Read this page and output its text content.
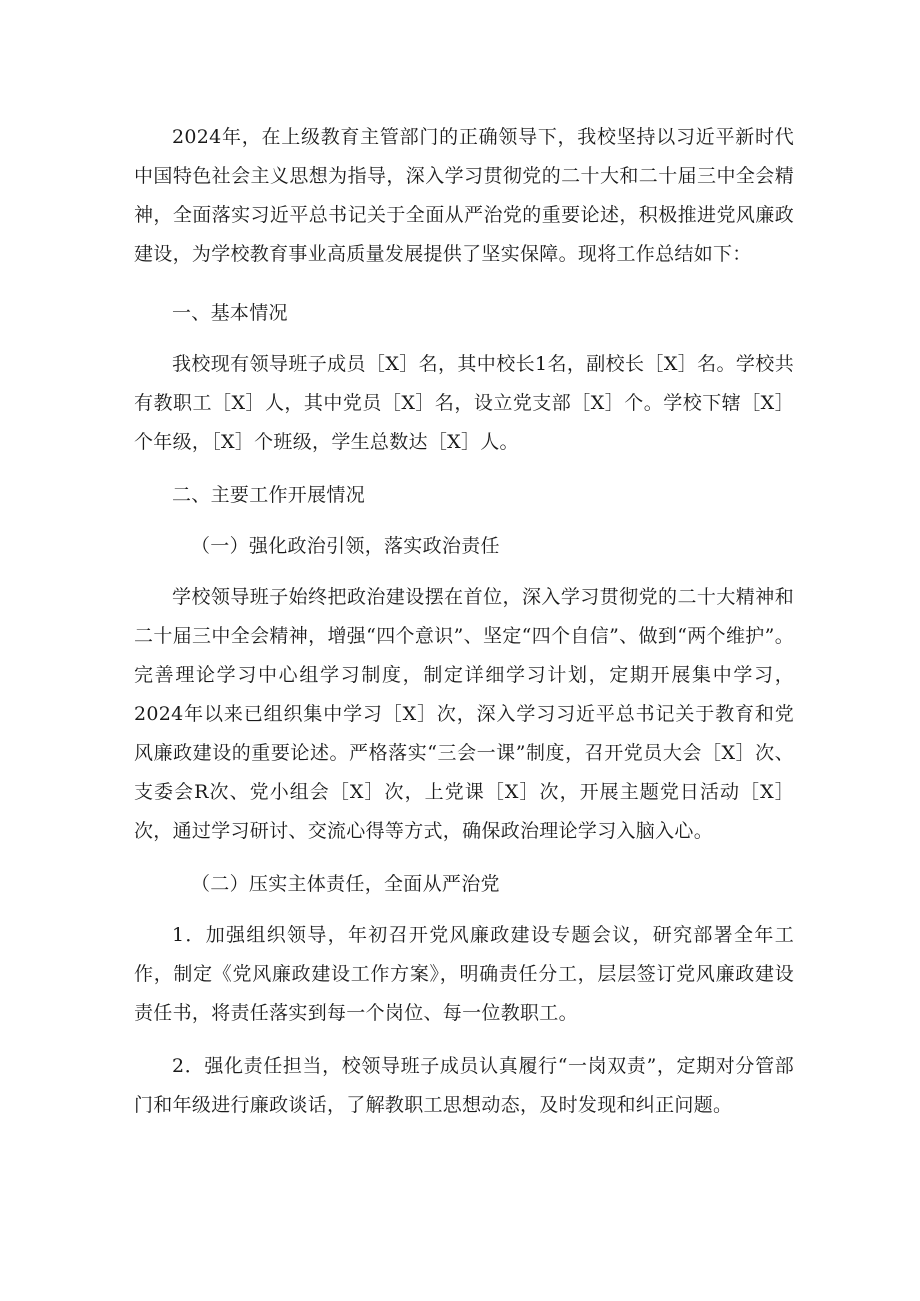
2024年，在上级教育主管部门的正确领导下，我校坚持以习近平新时代中国特色社会主义思想为指导，深入学习贯彻党的二十大和二十届三中全会精神，全面落实习近平总书记关于全面从严治党的重要论述，积极推进党风廉政建设，为学校教育事业高质量发展提供了坚实保障。现将工作总结如下：

一、基本情况

我校现有领导班子成员［X］名，其中校长1名，副校长［X］名。学校共有教职工［X］人，其中党员［X］名，设立党支部［X］个。学校下辖［X］个年级，［X］个班级，学生总数达［X］人。

二、主要工作开展情况

（一）强化政治引领，落实政治责任

学校领导班子始终把政治建设摆在首位，深入学习贯彻党的二十大精神和二十届三中全会精神，增强“四个意识”、坚定“四个自信”、做到“两个维护”。完善理论学习中心组学习制度，制定详细学习计划，定期开展集中学习，2024年以来已组织集中学习［X］次，深入学习习近平总书记关于教育和党风廉政建设的重要论述。严格落实“三会一课”制度，召开党员大会［X］次、支委会R次、党小组会［X］次，上党课［X］次，开展主题党日活动［X］次，通过学习研讨、交流心得等方式，确保政治理论学习入脑入心。

（二）压实主体责任，全面从严治党

1．加强组织领导，年初召开党风廉政建设专题会议，研究部署全年工作，制定《党风廉政建设工作方案》，明确责任分工，层层签订党风廉政建设责任书，将责任落实到每一个岗位、每一位教职工。

2．强化责任担当，校领导班子成员认真履行“一岗双责”，定期对分管部门和年级进行廉政谈话，了解教职工思想动态，及时发现和纠正问题。
